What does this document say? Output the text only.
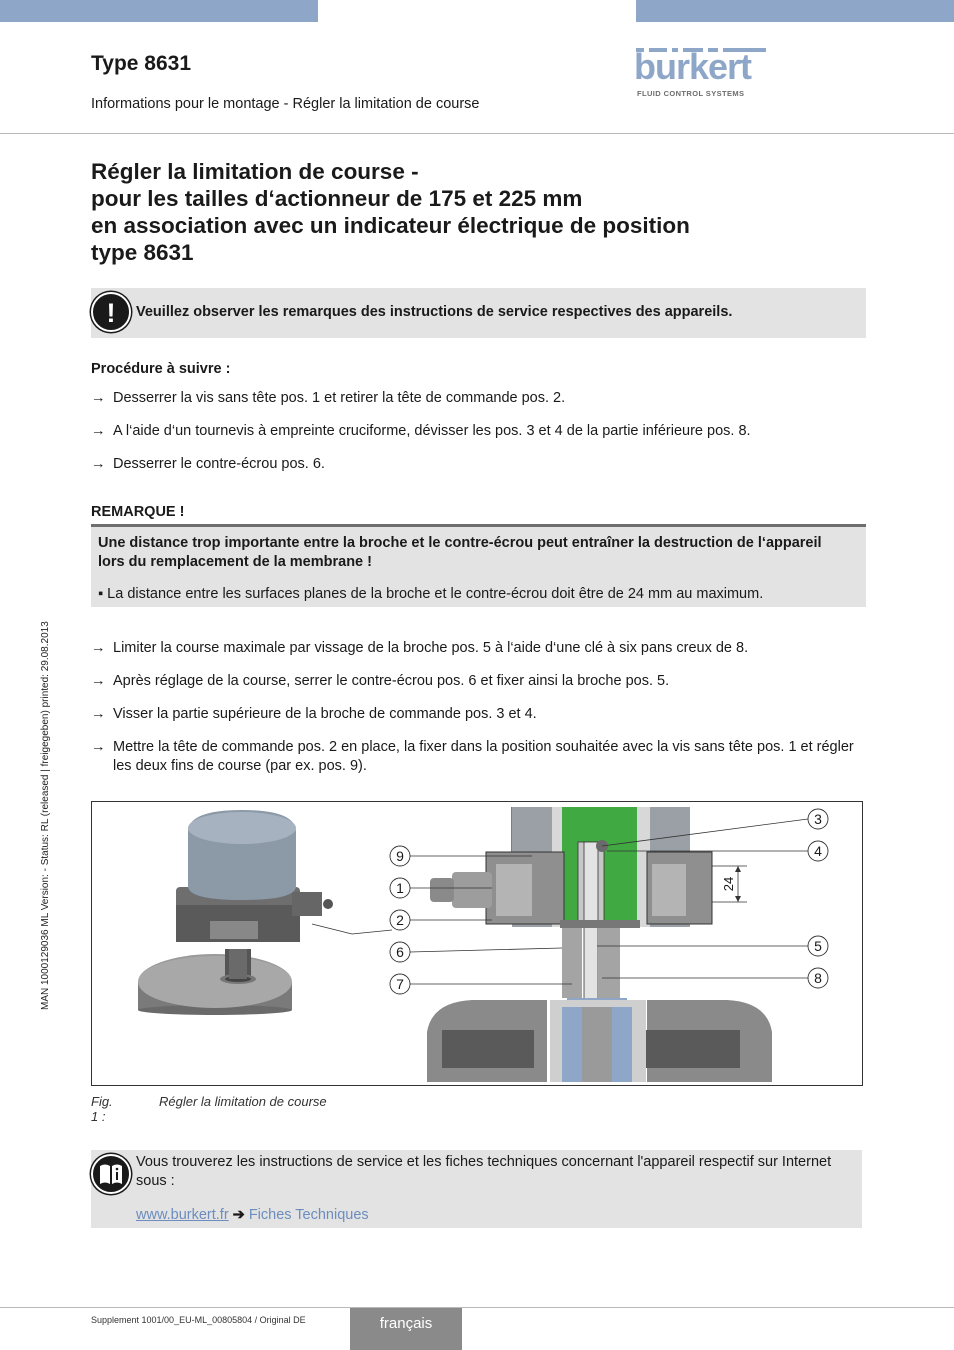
Type 8631
Informations pour le montage - Régler la limitation de course
burkert
FLUID CONTROL SYSTEMS
MAN 1000129036 ML Version: - Status: RL (released | freigegeben) printed: 29.08.2013
Régler la limitation de course -
pour les tailles d‘actionneur de 175 et 225 mm
en association avec un indicateur électrique de position
type 8631
!	Veuillez observer les remarques des instructions de service respectives des appareils.
Procédure à suivre :
→ Desserrer la vis sans tête pos. 1 et retirer la tête de commande pos. 2.
→ A l‘aide d‘un tournevis à empreinte cruciforme, dévisser les pos. 3 et 4 de la partie inférieure pos. 8.
→ Desserrer le contre-écrou pos. 6.
REMARQUE !
Une distance trop importante entre la broche et le contre-écrou peut entraîner la destruction de l‘appareil lors du remplacement de la membrane !
▪ La distance entre les surfaces planes de la broche et le contre-écrou doit être de 24 mm au maximum.
→ Limiter la course maximale par vissage de la broche pos. 5 à l‘aide d‘une clé à six pans creux de 8.
→ Après réglage de la course, serrer le contre-écrou pos. 6 et fixer ainsi la broche pos. 5.
→ Visser la partie supérieure de la broche de commande pos. 3 et 4.
→ Mettre la tête de commande pos. 2 en place, la fixer dans la position souhaitée avec la vis sans tête pos. 1 et régler les deux fins de course (par ex. pos. 9).
9
1
2
6
7
3
4
5
8
24
Fig. 1 :
Régler la limitation de course
Vous trouverez les instructions de service et les fiches techniques concernant l'appareil respectif sur Internet sous :
www.burkert.fr ➔ Fiches Techniques
Supplement 1001/00_EU-ML_00805804 / Original DE	français
